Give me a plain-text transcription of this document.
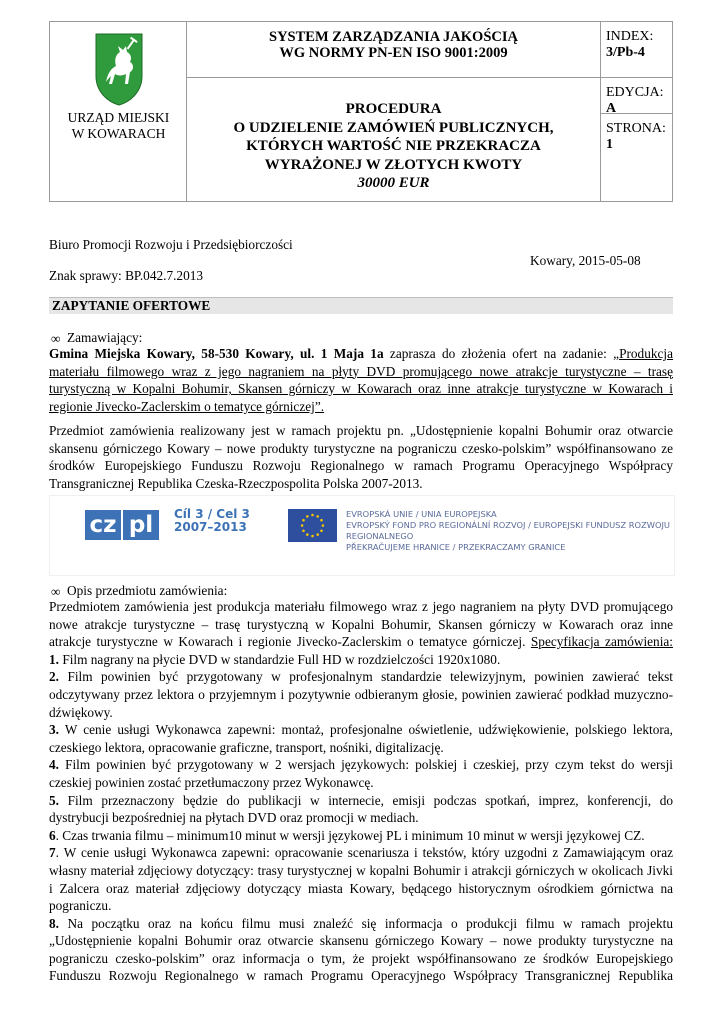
URZĄD MIEJSKI
W KOWARACH
SYSTEM ZARZĄDZANIA JAKOŚCIĄ
WG NORMY PN-EN ISO 9001:2009
PROCEDURA
O UDZIELENIE ZAMÓWIEŃ PUBLICZNYCH,
KTÓRYCH WARTOŚĆ NIE PRZEKRACZA
WYRAŻONEJ W ZŁOTYCH KWOTY
30000 EUR
INDEX: 3/Pb-4
EDYCJA: A
STRONA: 1
Biuro Promocji Rozwoju i Przedsiębiorczości
Kowary, 2015-05-08
Znak sprawy: BP.042.7.2013
ZAPYTANIE OFERTOWE
∞ Zamawiający:
Gmina Miejska Kowary, 58-530 Kowary, ul. 1 Maja 1a zaprasza do złożenia ofert na zadanie: „Produkcja
materiału filmowego wraz z jego nagraniem na płyty DVD promującego nowe atrakcje turystyczne – trasę
turystyczną w Kopalni Bohumir, Skansen górniczy w Kowarach oraz inne atrakcje turystyczne w Kowarach i
regionie Jivecko-Zaclerskim o tematyce górniczej”.
Przedmiot zamówienia realizowany jest w ramach projektu pn. „Udostępnienie kopalni Bohumir oraz otwarcie
skansenu górniczego Kowary – nowe produkty turystyczne na pograniczu czesko-polskim” współfinansowano ze
środków Europejskiego Funduszu Rozwoju Regionalnego w ramach Programu Operacyjnego Współpracy
Transgranicznej Republika Czeska-Rzeczpospolita Polska 2007-2013.
cz pl	Cíl 3 / Cel 3
2007–2013
EVROPSKÁ UNIE / UNIA EUROPEJSKA
EVROPSKÝ FOND PRO REGIONÁLNÍ ROZVOJ / EUROPEJSKI FUNDUSZ ROZWOJU REGIONALNEGO
PŘEKRAČUJEME HRANICE / PRZEKRACZAMY GRANICE
∞ Opis przedmiotu zamówienia:
Przedmiotem zamówienia jest produkcja materiału filmowego wraz z jego nagraniem na płyty DVD promującego
nowe atrakcje turystyczne – trasę turystyczną w Kopalni Bohumir, Skansen górniczy w Kowarach oraz inne
atrakcje turystyczne w Kowarach i regionie Jivecko-Zaclerskim o tematyce górniczej. Specyfikacja zamówienia:
1. Film nagrany na płycie DVD w standardzie Full HD w rozdzielczości 1920x1080.
2. Film powinien być przygotowany w profesjonalnym standardzie telewizyjnym, powinien zawierać tekst
odczytywany przez lektora o przyjemnym i pozytywnie odbieranym głosie, powinien zawierać podkład muzyczno-
dźwiękowy.
3. W cenie usługi Wykonawca zapewni: montaż, profesjonalne oświetlenie, udźwiękowienie, polskiego lektora,
czeskiego lektora, opracowanie graficzne, transport, nośniki, digitalizację.
4. Film powinien być przygotowany w 2 wersjach językowych: polskiej i czeskiej, przy czym tekst do wersji
czeskiej powinien zostać przetłumaczony przez Wykonawcę.
5. Film przeznaczony będzie do publikacji w internecie, emisji podczas spotkań, imprez, konferencji, do
dystrybucji bezpośredniej na płytach DVD oraz promocji w mediach.
6. Czas trwania filmu – minimum10 minut w wersji językowej PL i minimum 10 minut w wersji językowej CZ.
7. W cenie usługi Wykonawca zapewni: opracowanie scenariusza i tekstów, który uzgodni z Zamawiającym oraz
własny materiał zdjęciowy dotyczący: trasy turystycznej w kopalni Bohumir i atrakcji górniczych w okolicach Jivki
i Zalcera oraz materiał zdjęciowy dotyczący miasta Kowary, będącego historycznym ośrodkiem górnictwa na
pograniczu.
8. Na początku oraz na końcu filmu musi znaleźć się informacja o produkcji filmu w ramach projektu
„Udostępnienie kopalni Bohumir oraz otwarcie skansenu górniczego Kowary – nowe produkty turystyczne na
pograniczu czesko-polskim” oraz informacja o tym, że projekt współfinansowano ze środków Europejskiego
Funduszu Rozwoju Regionalnego w ramach Programu Operacyjnego Współpracy Transgranicznej Republika
